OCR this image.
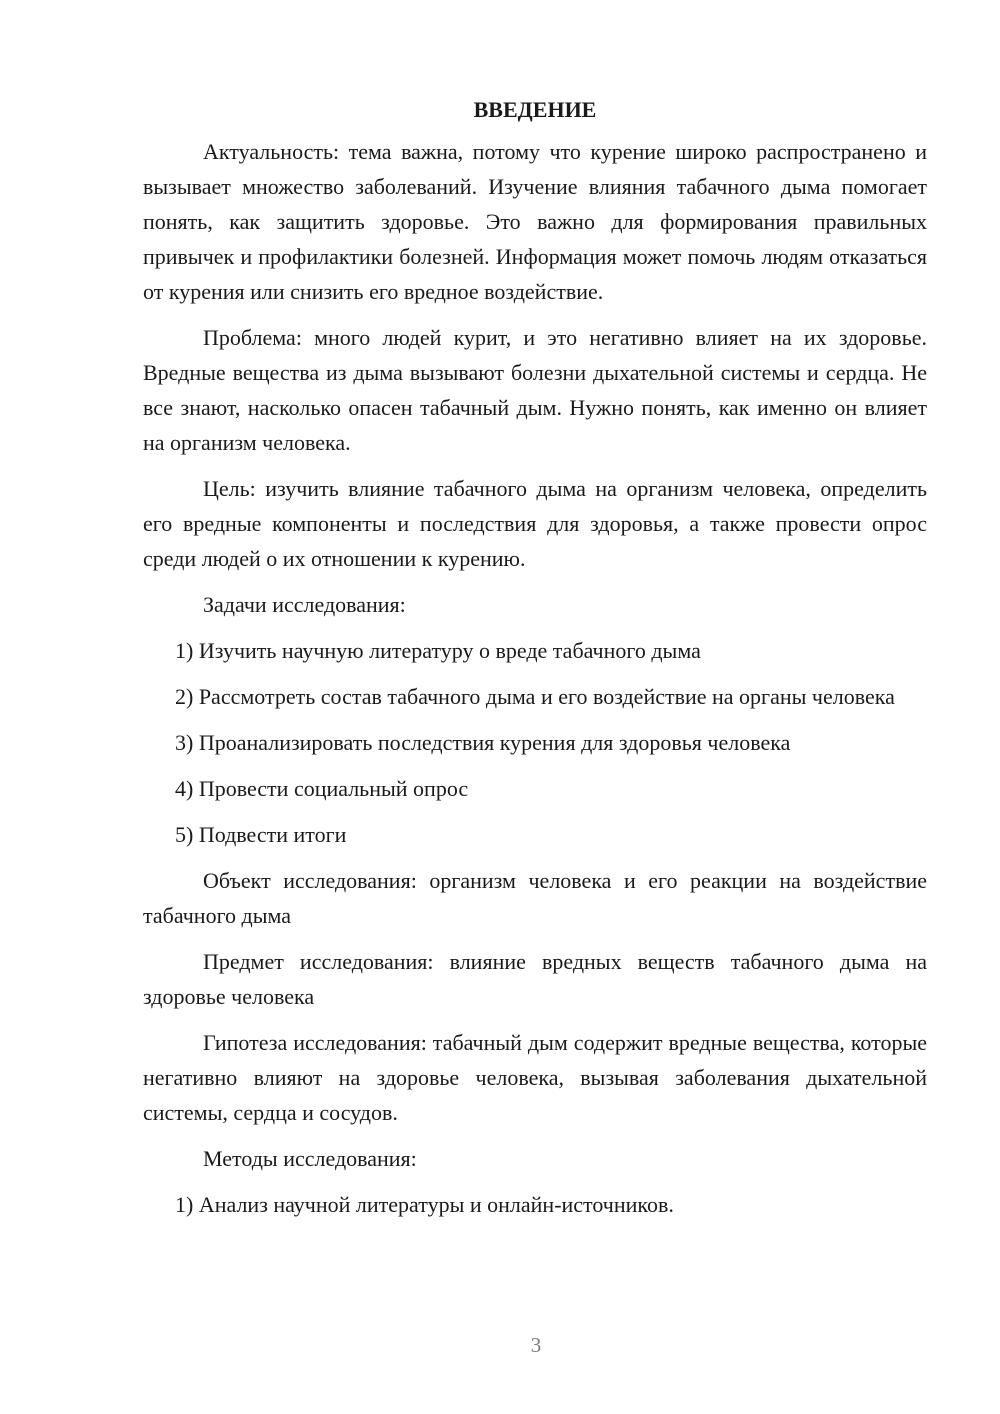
ВВЕДЕНИЕ

Актуальность: тема важна, потому что курение широко распространено и вызывает множество заболеваний. Изучение влияния табачного дыма помогает понять, как защитить здоровье. Это важно для формирования правильных привычек и профилактики болезней. Информация может помочь людям отказаться от курения или снизить его вредное воздействие.

Проблема: много людей курит, и это негативно влияет на их здоровье. Вредные вещества из дыма вызывают болезни дыхательной системы и сердца. Не все знают, насколько опасен табачный дым. Нужно понять, как именно он влияет на организм человека.

Цель: изучить влияние табачного дыма на организм человека, определить его вредные компоненты и последствия для здоровья, а также провести опрос среди людей о их отношении к курению.

Задачи исследования:

1) Изучить научную литературу о вреде табачного дыма

2) Рассмотреть состав табачного дыма и его воздействие на органы человека

3) Проанализировать последствия курения для здоровья человека

4) Провести социальный опрос

5) Подвести итоги

Объект исследования: организм человека и его реакции на воздействие табачного дыма

Предмет исследования: влияние вредных веществ табачного дыма на здоровье человека

Гипотеза исследования: табачный дым содержит вредные вещества, которые негативно влияют на здоровье человека, вызывая заболевания дыхательной системы, сердца и сосудов.

Методы исследования:

1) Анализ научной литературы и онлайн-источников.

3
